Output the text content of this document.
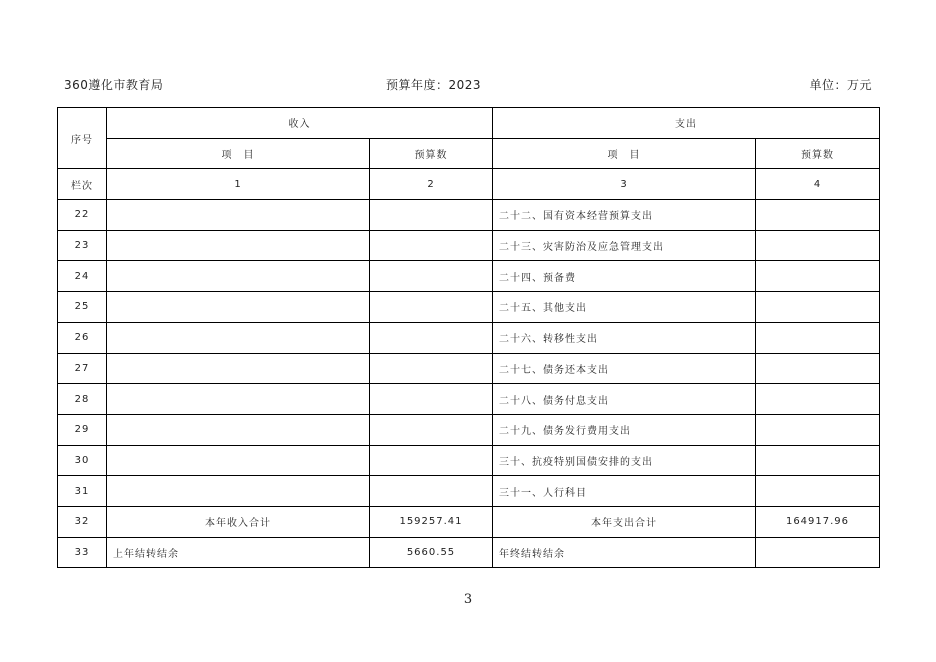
360遵化市教育局	预算年度：2023	单位：万元
序号	收入		支出	
	项　目	预算数	项　目	预算数
栏次	1	2	3	4
22			二十二、国有资本经营预算支出	
23			二十三、灾害防治及应急管理支出	
24			二十四、预备费	
25			二十五、其他支出	
26			二十六、转移性支出	
27			二十七、债务还本支出	
28			二十八、债务付息支出	
29			二十九、债务发行费用支出	
30			三十、抗疫特别国债安排的支出	
31			三十一、人行科目	
32	本年收入合计	159257.41	本年支出合计	164917.96
33	上年结转结余	5660.55	年终结转结余	
3
